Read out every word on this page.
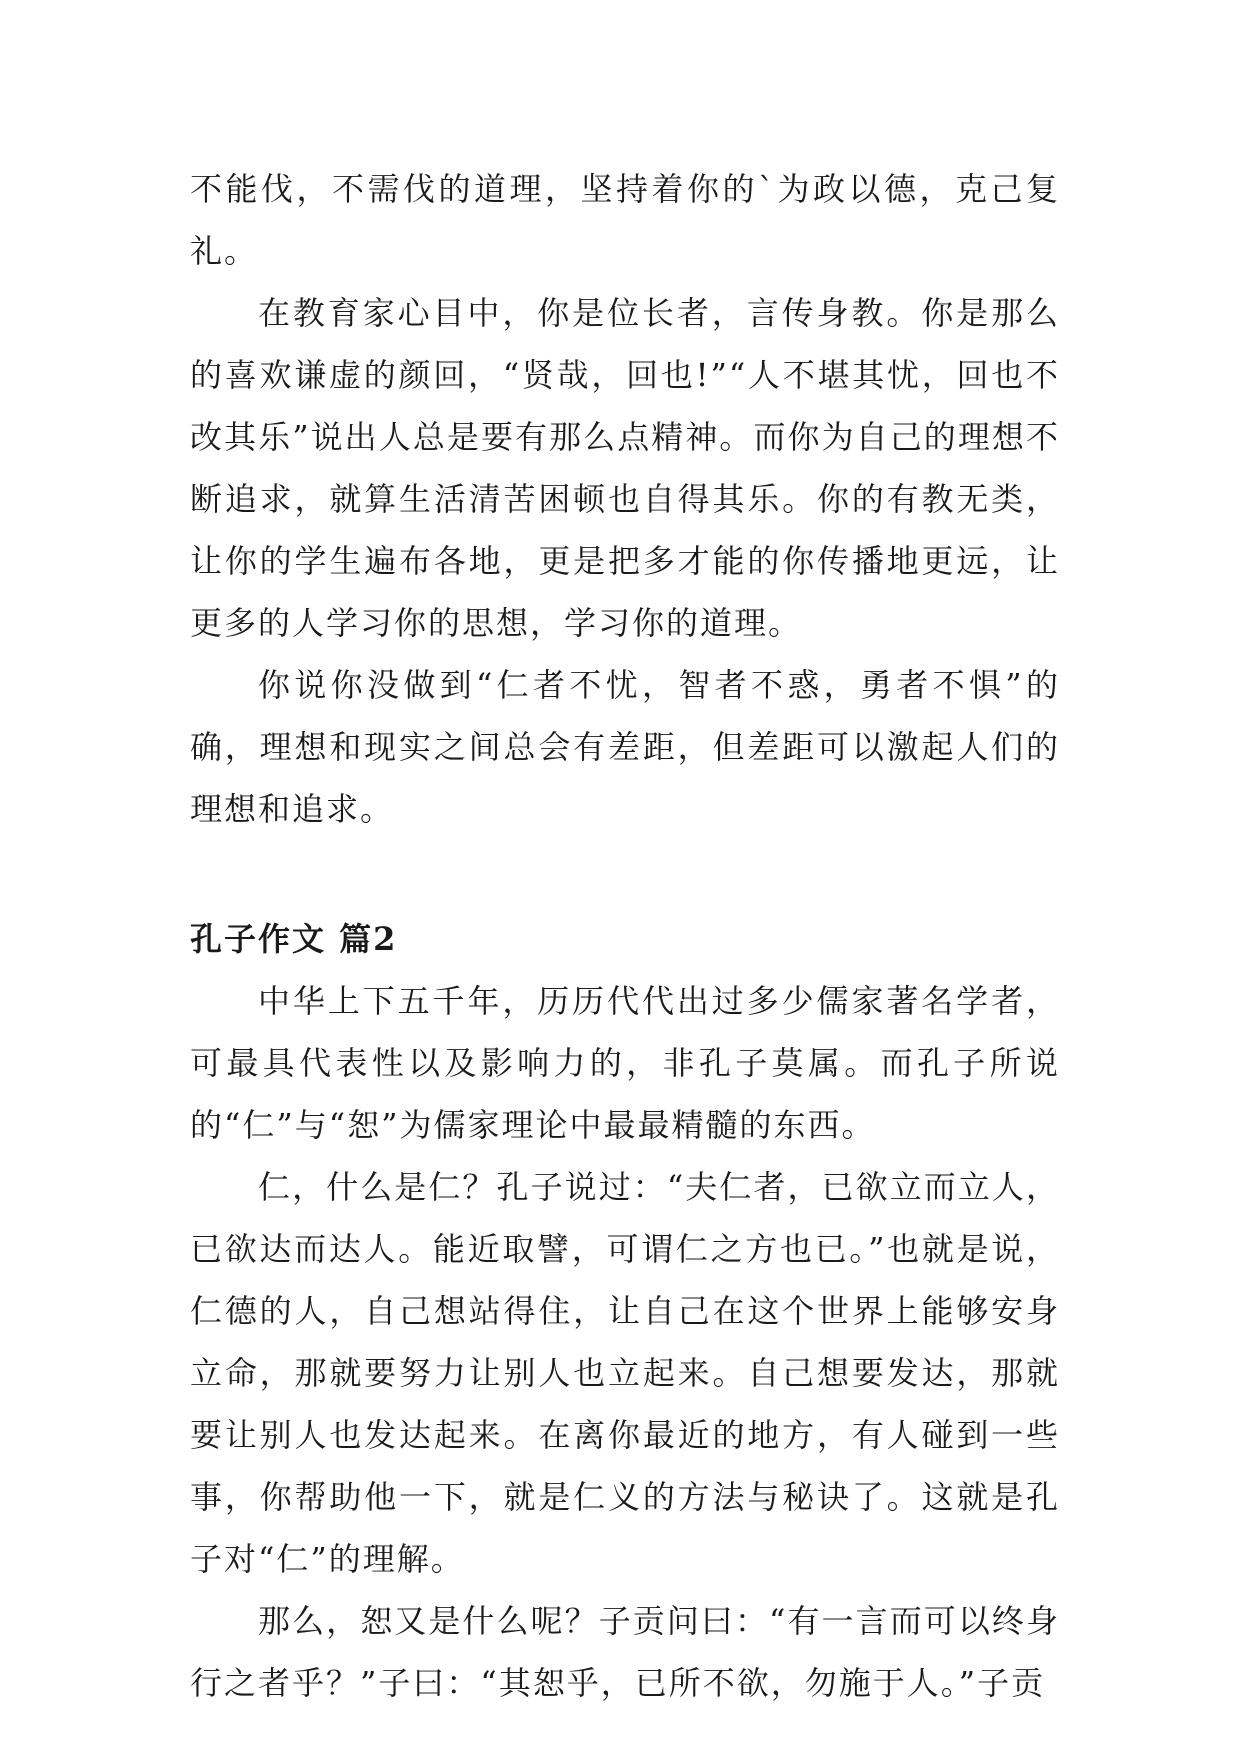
不能伐，不需伐的道理，坚持着你的`为政以德，克己复礼。

在教育家心目中，你是位长者，言传身教。你是那么的喜欢谦虚的颜回，“贤哉，回也!”“人不堪其忧，回也不改其乐”说出人总是要有那么点精神。而你为自己的理想不断追求，就算生活清苦困顿也自得其乐。你的有教无类，让你的学生遍布各地，更是把多才能的你传播地更远，让更多的人学习你的思想，学习你的道理。

你说你没做到“仁者不忧，智者不惑，勇者不惧”的确，理想和现实之间总会有差距，但差距可以激起人们的理想和追求。

孔子作文 篇2

中华上下五千年，历历代代出过多少儒家著名学者，可最具代表性以及影响力的，非孔子莫属。而孔子所说的“仁”与“恕”为儒家理论中最最精髓的东西。

仁，什么是仁？孔子说过：“夫仁者，已欲立而立人，已欲达而达人。能近取譬，可谓仁之方也已。”也就是说，仁德的人，自己想站得住，让自己在这个世界上能够安身立命，那就要努力让别人也立起来。自己想要发达，那就要让别人也发达起来。在离你最近的地方，有人碰到一些事，你帮助他一下，就是仁义的方法与秘诀了。这就是孔子对“仁”的理解。

那么，恕又是什么呢？子贡问曰：“有一言而可以终身行之者乎？”子曰：“其恕乎，已所不欲，勿施于人。”子贡
